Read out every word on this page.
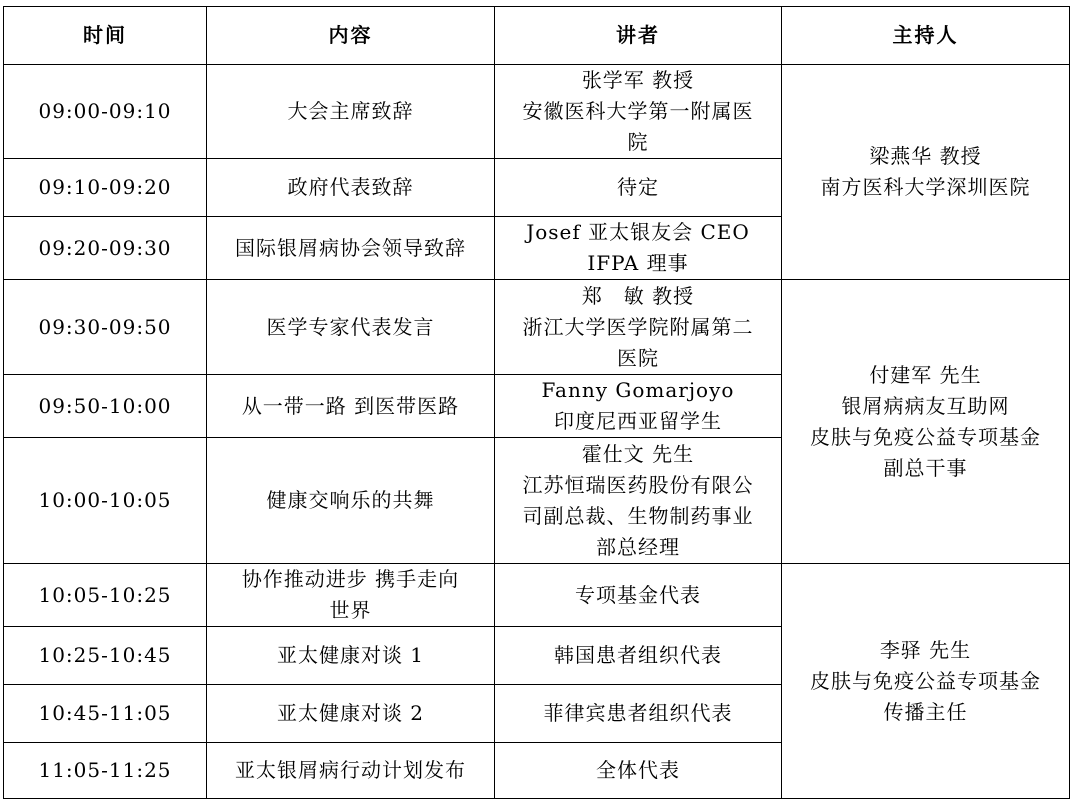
时间	内容	讲者	主持人
09:00-09:10	大会主席致辞	张学军 教授
安徽医科大学第一附属医
院	梁燕华 教授
南方医科大学深圳医院

09:10-09:20	政府代表致辞	待定	

09:20-09:30	国际银屑病协会领导致辞	Josef 亚太银友会 CEO
IFPA 理事	

09:30-09:50	医学专家代表发言	郑　敏 教授
浙江大学医学院附属第二
医院	付建军 先生
银屑病病友互助网
皮肤与免疫公益专项基金
副总干事

09:50-10:00	从一带一路 到医带医路	Fanny Gomarjoyo
印度尼西亚留学生	

10:00-10:05	健康交响乐的共舞	霍仕文 先生
江苏恒瑞医药股份有限公
司副总裁、生物制药事业
部总经理	

10:05-10:25	协作推动进步 携手走向
世界	专项基金代表	李驿 先生
皮肤与免疫公益专项基金
传播主任

10:25-10:45	亚太健康对谈 1	韩国患者组织代表	

10:45-11:05	亚太健康对谈 2	菲律宾患者组织代表	

11:05-11:25	亚太银屑病行动计划发布	全体代表	
